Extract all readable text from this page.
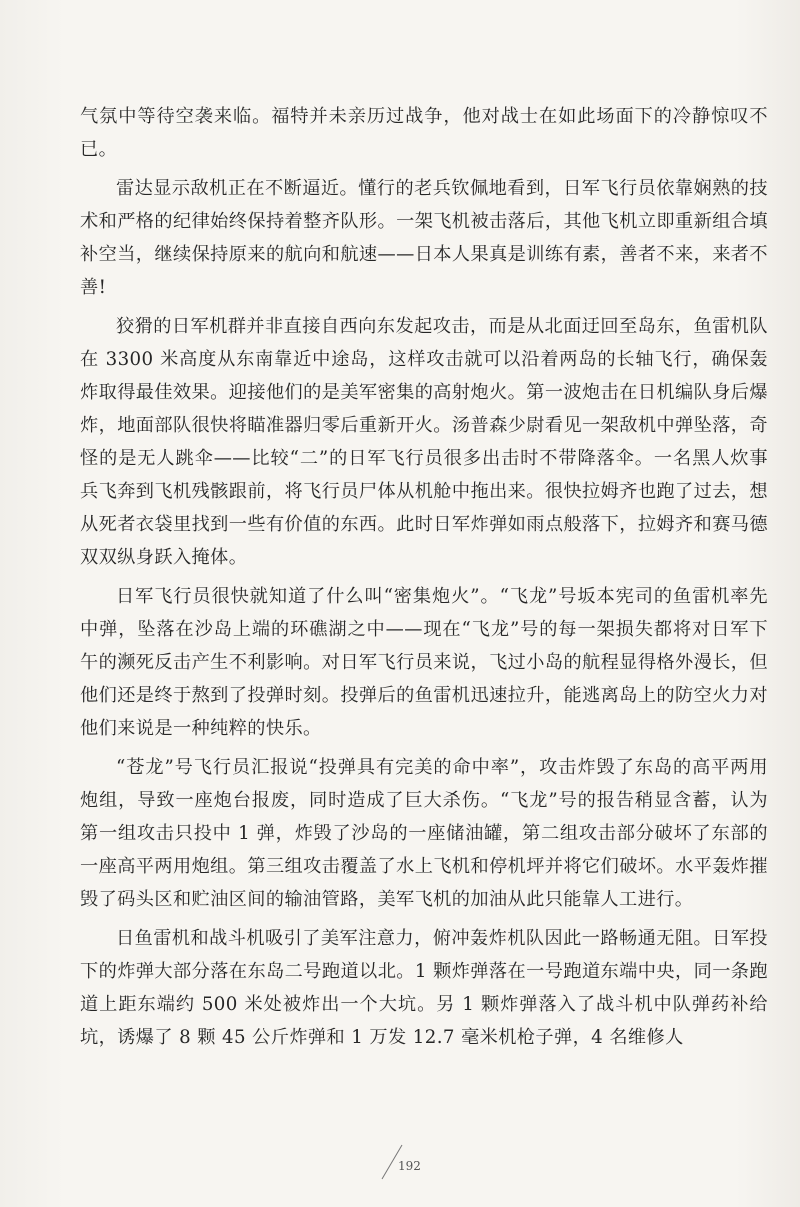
气氛中等待空袭来临。福特并未亲历过战争，他对战士在如此场面下的冷静惊叹不已。

雷达显示敌机正在不断逼近。懂行的老兵钦佩地看到，日军飞行员依靠娴熟的技术和严格的纪律始终保持着整齐队形。一架飞机被击落后，其他飞机立即重新组合填补空当，继续保持原来的航向和航速——日本人果真是训练有素，善者不来，来者不善!

狡猾的日军机群并非直接自西向东发起攻击，而是从北面迂回至岛东，鱼雷机队在 3300 米高度从东南靠近中途岛，这样攻击就可以沿着两岛的长轴飞行，确保轰炸取得最佳效果。迎接他们的是美军密集的高射炮火。第一波炮击在日机编队身后爆炸，地面部队很快将瞄准器归零后重新开火。汤普森少尉看见一架敌机中弹坠落，奇怪的是无人跳伞——比较“二”的日军飞行员很多出击时不带降落伞。一名黑人炊事兵飞奔到飞机残骸跟前，将飞行员尸体从机舱中拖出来。很快拉姆齐也跑了过去，想从死者衣袋里找到一些有价值的东西。此时日军炸弹如雨点般落下，拉姆齐和赛马德双双纵身跃入掩体。

日军飞行员很快就知道了什么叫“密集炮火”。“飞龙”号坂本宪司的鱼雷机率先中弹，坠落在沙岛上端的环礁湖之中——现在“飞龙”号的每一架损失都将对日军下午的濒死反击产生不利影响。对日军飞行员来说，飞过小岛的航程显得格外漫长，但他们还是终于熬到了投弹时刻。投弹后的鱼雷机迅速拉升，能逃离岛上的防空火力对他们来说是一种纯粹的快乐。

“苍龙”号飞行员汇报说“投弹具有完美的命中率”，攻击炸毁了东岛的高平两用炮组，导致一座炮台报废，同时造成了巨大杀伤。“飞龙”号的报告稍显含蓄，认为第一组攻击只投中 1 弹，炸毁了沙岛的一座储油罐，第二组攻击部分破坏了东部的一座高平两用炮组。第三组攻击覆盖了水上飞机和停机坪并将它们破坏。水平轰炸摧毁了码头区和贮油区间的输油管路，美军飞机的加油从此只能靠人工进行。

日鱼雷机和战斗机吸引了美军注意力，俯冲轰炸机队因此一路畅通无阻。日军投下的炸弹大部分落在东岛二号跑道以北。1 颗炸弹落在一号跑道东端中央，同一条跑道上距东端约 500 米处被炸出一个大坑。另 1 颗炸弹落入了战斗机中队弹药补给坑，诱爆了 8 颗 45 公斤炸弹和 1 万发 12.7 毫米机枪子弹，4 名维修人

192
